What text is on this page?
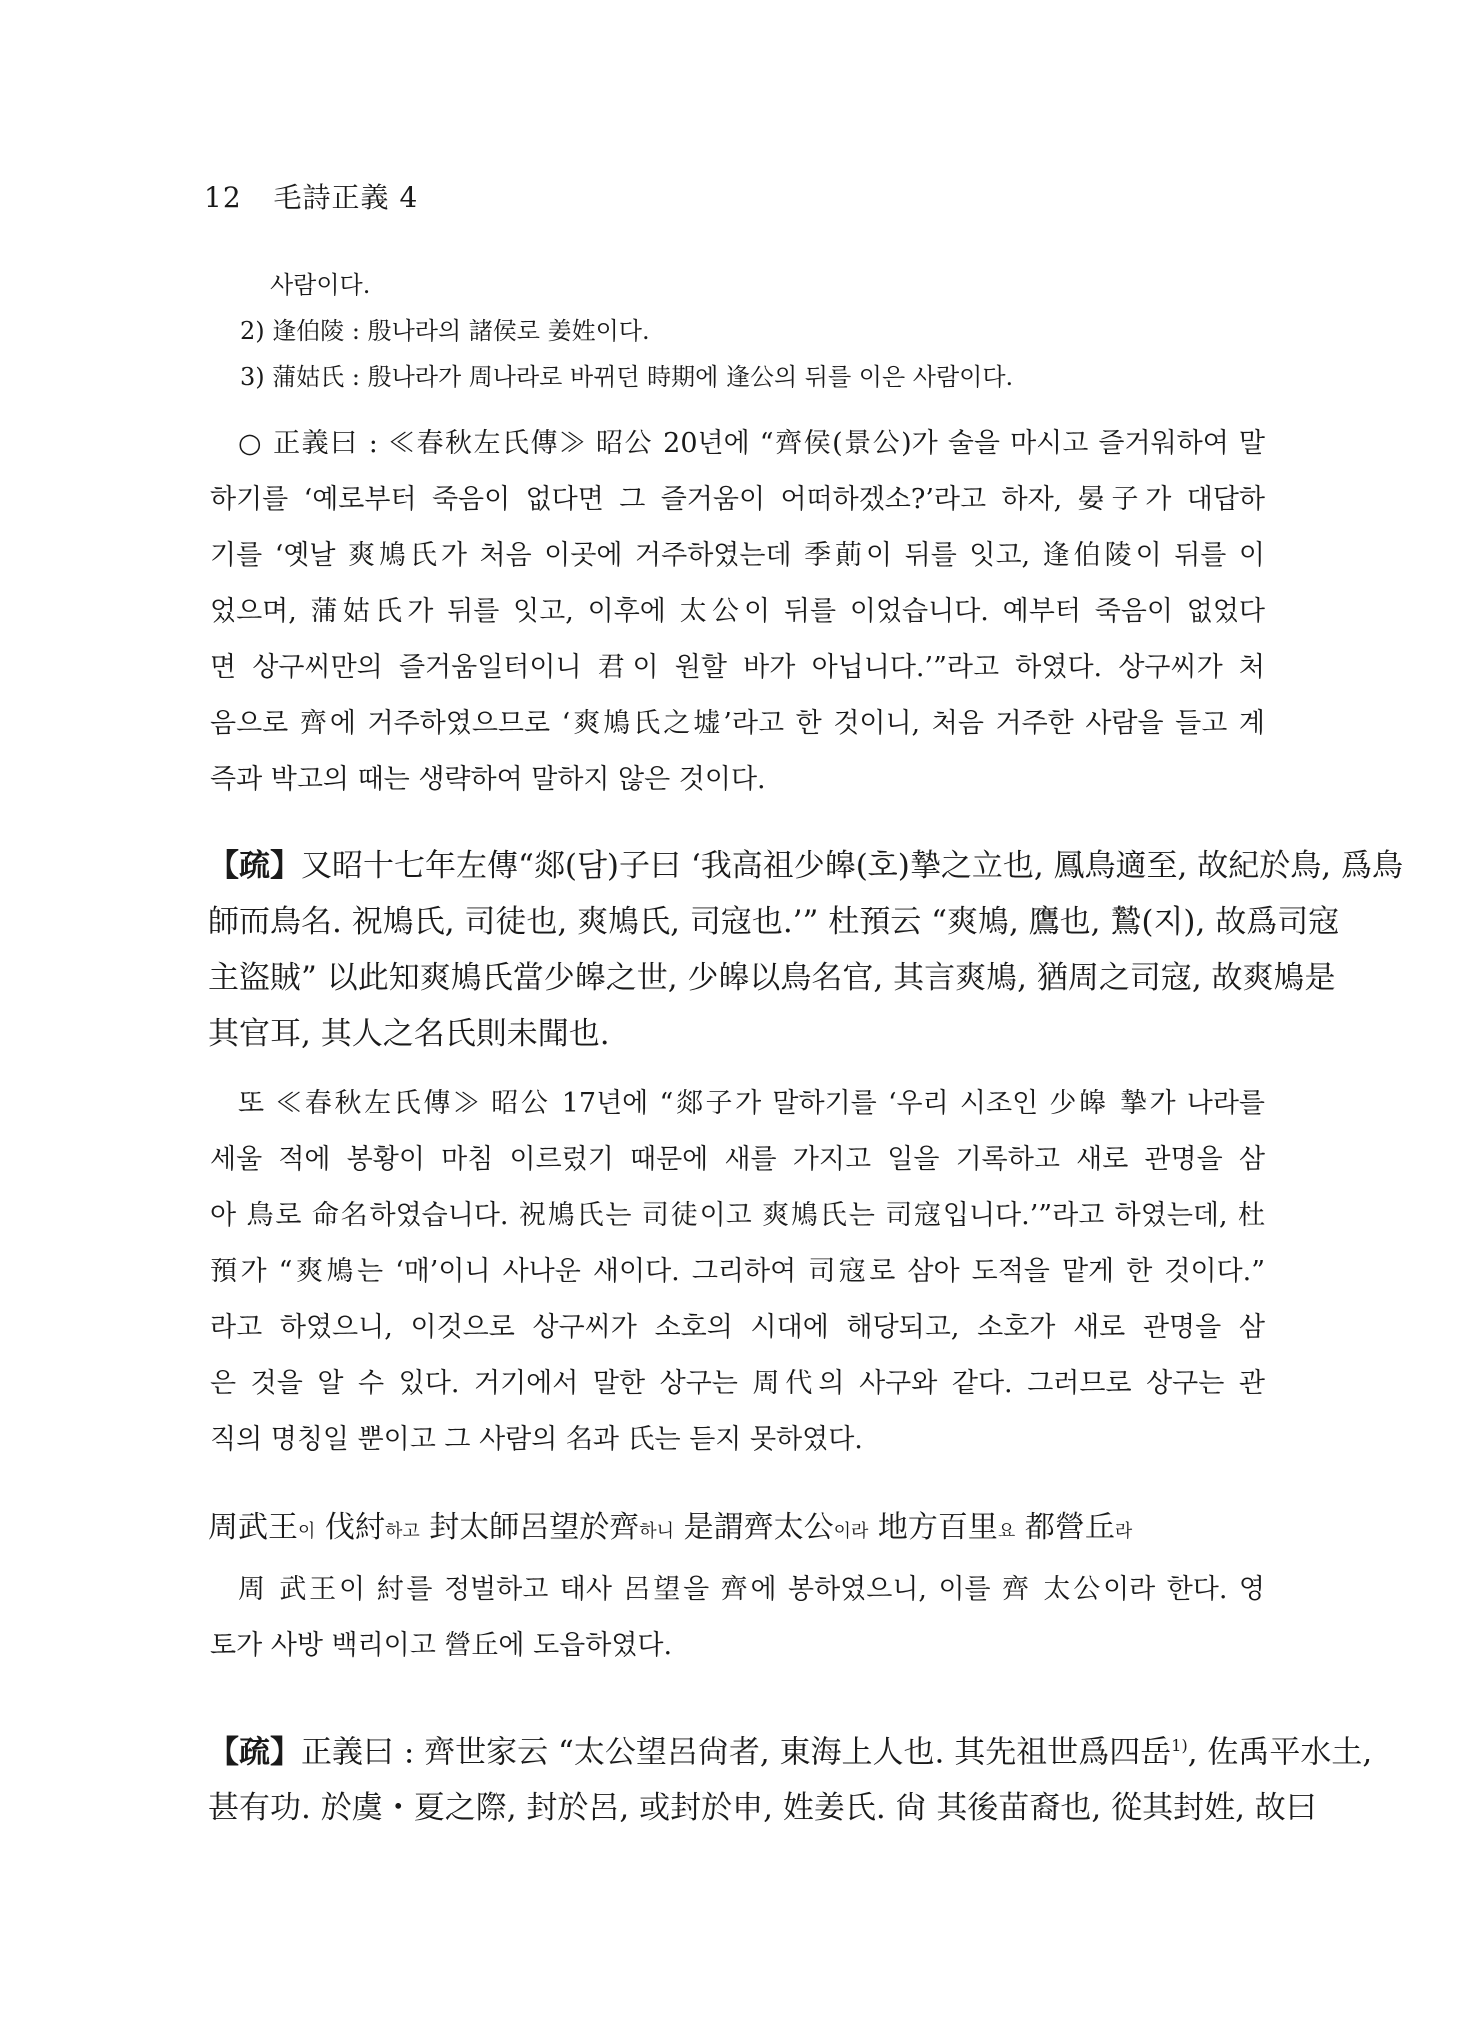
12 毛詩正義 4
사람이다.
2) 逢伯陵 : 殷나라의 諸侯로 姜姓이다.
3) 蒲姑氏 : 殷나라가 周나라로 바뀌던 時期에 逢公의 뒤를 이은 사람이다.
○ 正義曰 : ≪春秋左氏傳≫ 昭公 20년에 “齊侯(景公)가 술을 마시고 즐거워하여 말
하기를 ‘예로부터 죽음이 없다면 그 즐거움이 어떠하겠소?’라고 하자, 晏子가 대답하
기를 ‘옛날 爽鳩氏가 처음 이곳에 거주하였는데 季萴이 뒤를 잇고, 逢伯陵이 뒤를 이
었으며, 蒲姑氏가 뒤를 잇고, 이후에 太公이 뒤를 이었습니다. 예부터 죽음이 없었다
면 상구씨만의 즐거움일터이니 君이 원할 바가 아닙니다.’”라고 하였다. 상구씨가 처
음으로 齊에 거주하였으므로 ‘爽鳩氏之墟’라고 한 것이니, 처음 거주한 사람을 들고 계
즉과 박고의 때는 생략하여 말하지 않은 것이다.
【疏】又昭十七年左傳“郯(담)子曰 ‘我高祖少皞(호)摯之立也, 鳳鳥適至, 故紀於鳥, 爲鳥
師而鳥名. 祝鳩氏, 司徒也, 爽鳩氏, 司寇也.’” 杜預云 “爽鳩, 鷹也, 鷙(지), 故爲司寇
主盜賊” 以此知爽鳩氏當少皞之世, 少皞以鳥名官, 其言爽鳩, 猶周之司寇, 故爽鳩是
其官耳, 其人之名氏則未聞也.
또 ≪春秋左氏傳≫ 昭公 17년에 “郯子가 말하기를 ‘우리 시조인 少皞 摯가 나라를
세울 적에 봉황이 마침 이르렀기 때문에 새를 가지고 일을 기록하고 새로 관명을 삼
아 鳥로 命名하였습니다. 祝鳩氏는 司徒이고 爽鳩氏는 司寇입니다.’”라고 하였는데, 杜
預가 “爽鳩는 ‘매’이니 사나운 새이다. 그리하여 司寇로 삼아 도적을 맡게 한 것이다.”
라고 하였으니, 이것으로 상구씨가 소호의 시대에 해당되고, 소호가 새로 관명을 삼
은 것을 알 수 있다. 거기에서 말한 상구는 周代의 사구와 같다. 그러므로 상구는 관
직의 명칭일 뿐이고 그 사람의 名과 氏는 듣지 못하였다.
周武王이 伐紂하고 封太師呂望於齊하니 是謂齊太公이라 地方百里요 都營丘라
周 武王이 紂를 정벌하고 태사 呂望을 齊에 봉하였으니, 이를 齊 太公이라 한다. 영
토가 사방 백리이고 營丘에 도읍하였다.
【疏】正義曰 : 齊世家云 “太公望呂尙者, 東海上人也. 其先祖世爲四岳$^{1)}$, 佐禹平水土,
甚有功. 於虞・夏之際, 封於呂, 或封於申, 姓姜氏. 尙 其後苗裔也, 從其封姓, 故曰
